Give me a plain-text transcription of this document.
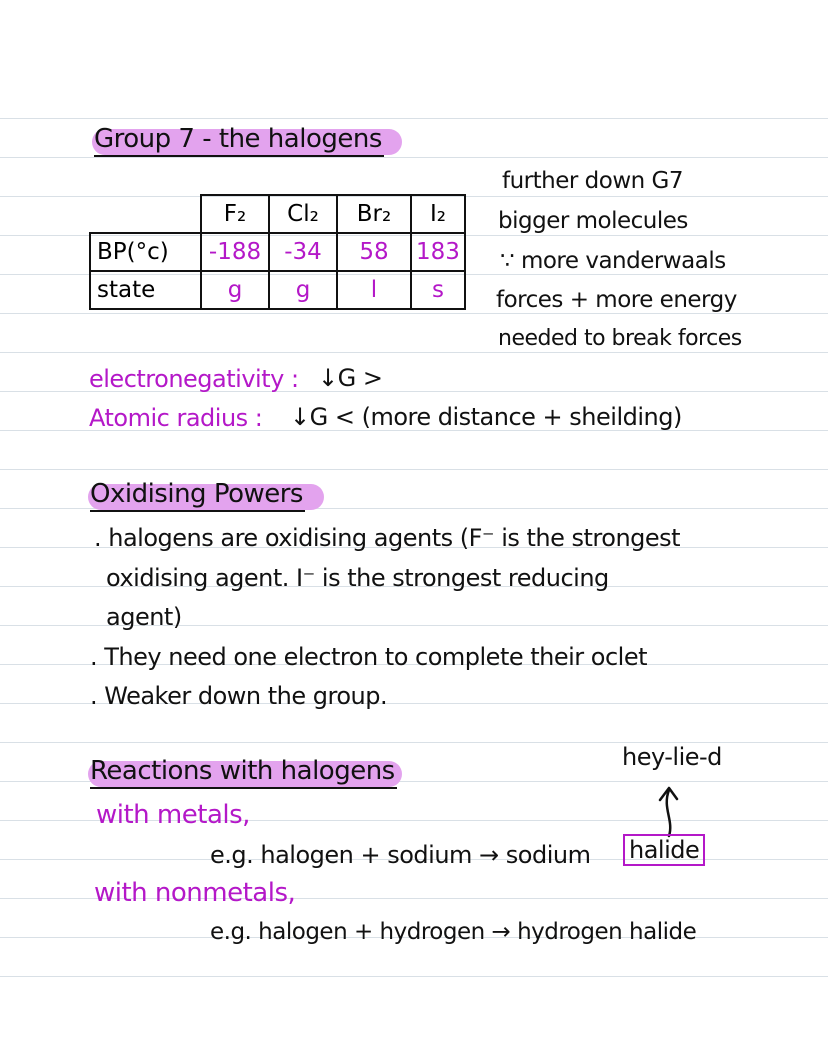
Group 7 - the halogens
	F₂	Cl₂	Br₂	I₂
BP(°c)	-188	-34	58	183
state	g	g	l	s
further down G7
bigger molecules
∵ more vanderwaals
forces + more energy
needed to break forces
electronegativity : ↓G >
Atomic radius : ↓G < (more distance + sheilding)
Oxidising Powers
. halogens are oxidising agents (F⁻ is the strongest
oxidising agent. I⁻ is the strongest reducing
agent)
. They need one electron to complete their oclet
. Weaker down the group.
Reactions with halogens	hey-lie-d
with metals,
e.g. halogen + sodium → sodium halide
with nonmetals,
e.g. halogen + hydrogen → hydrogen halide
